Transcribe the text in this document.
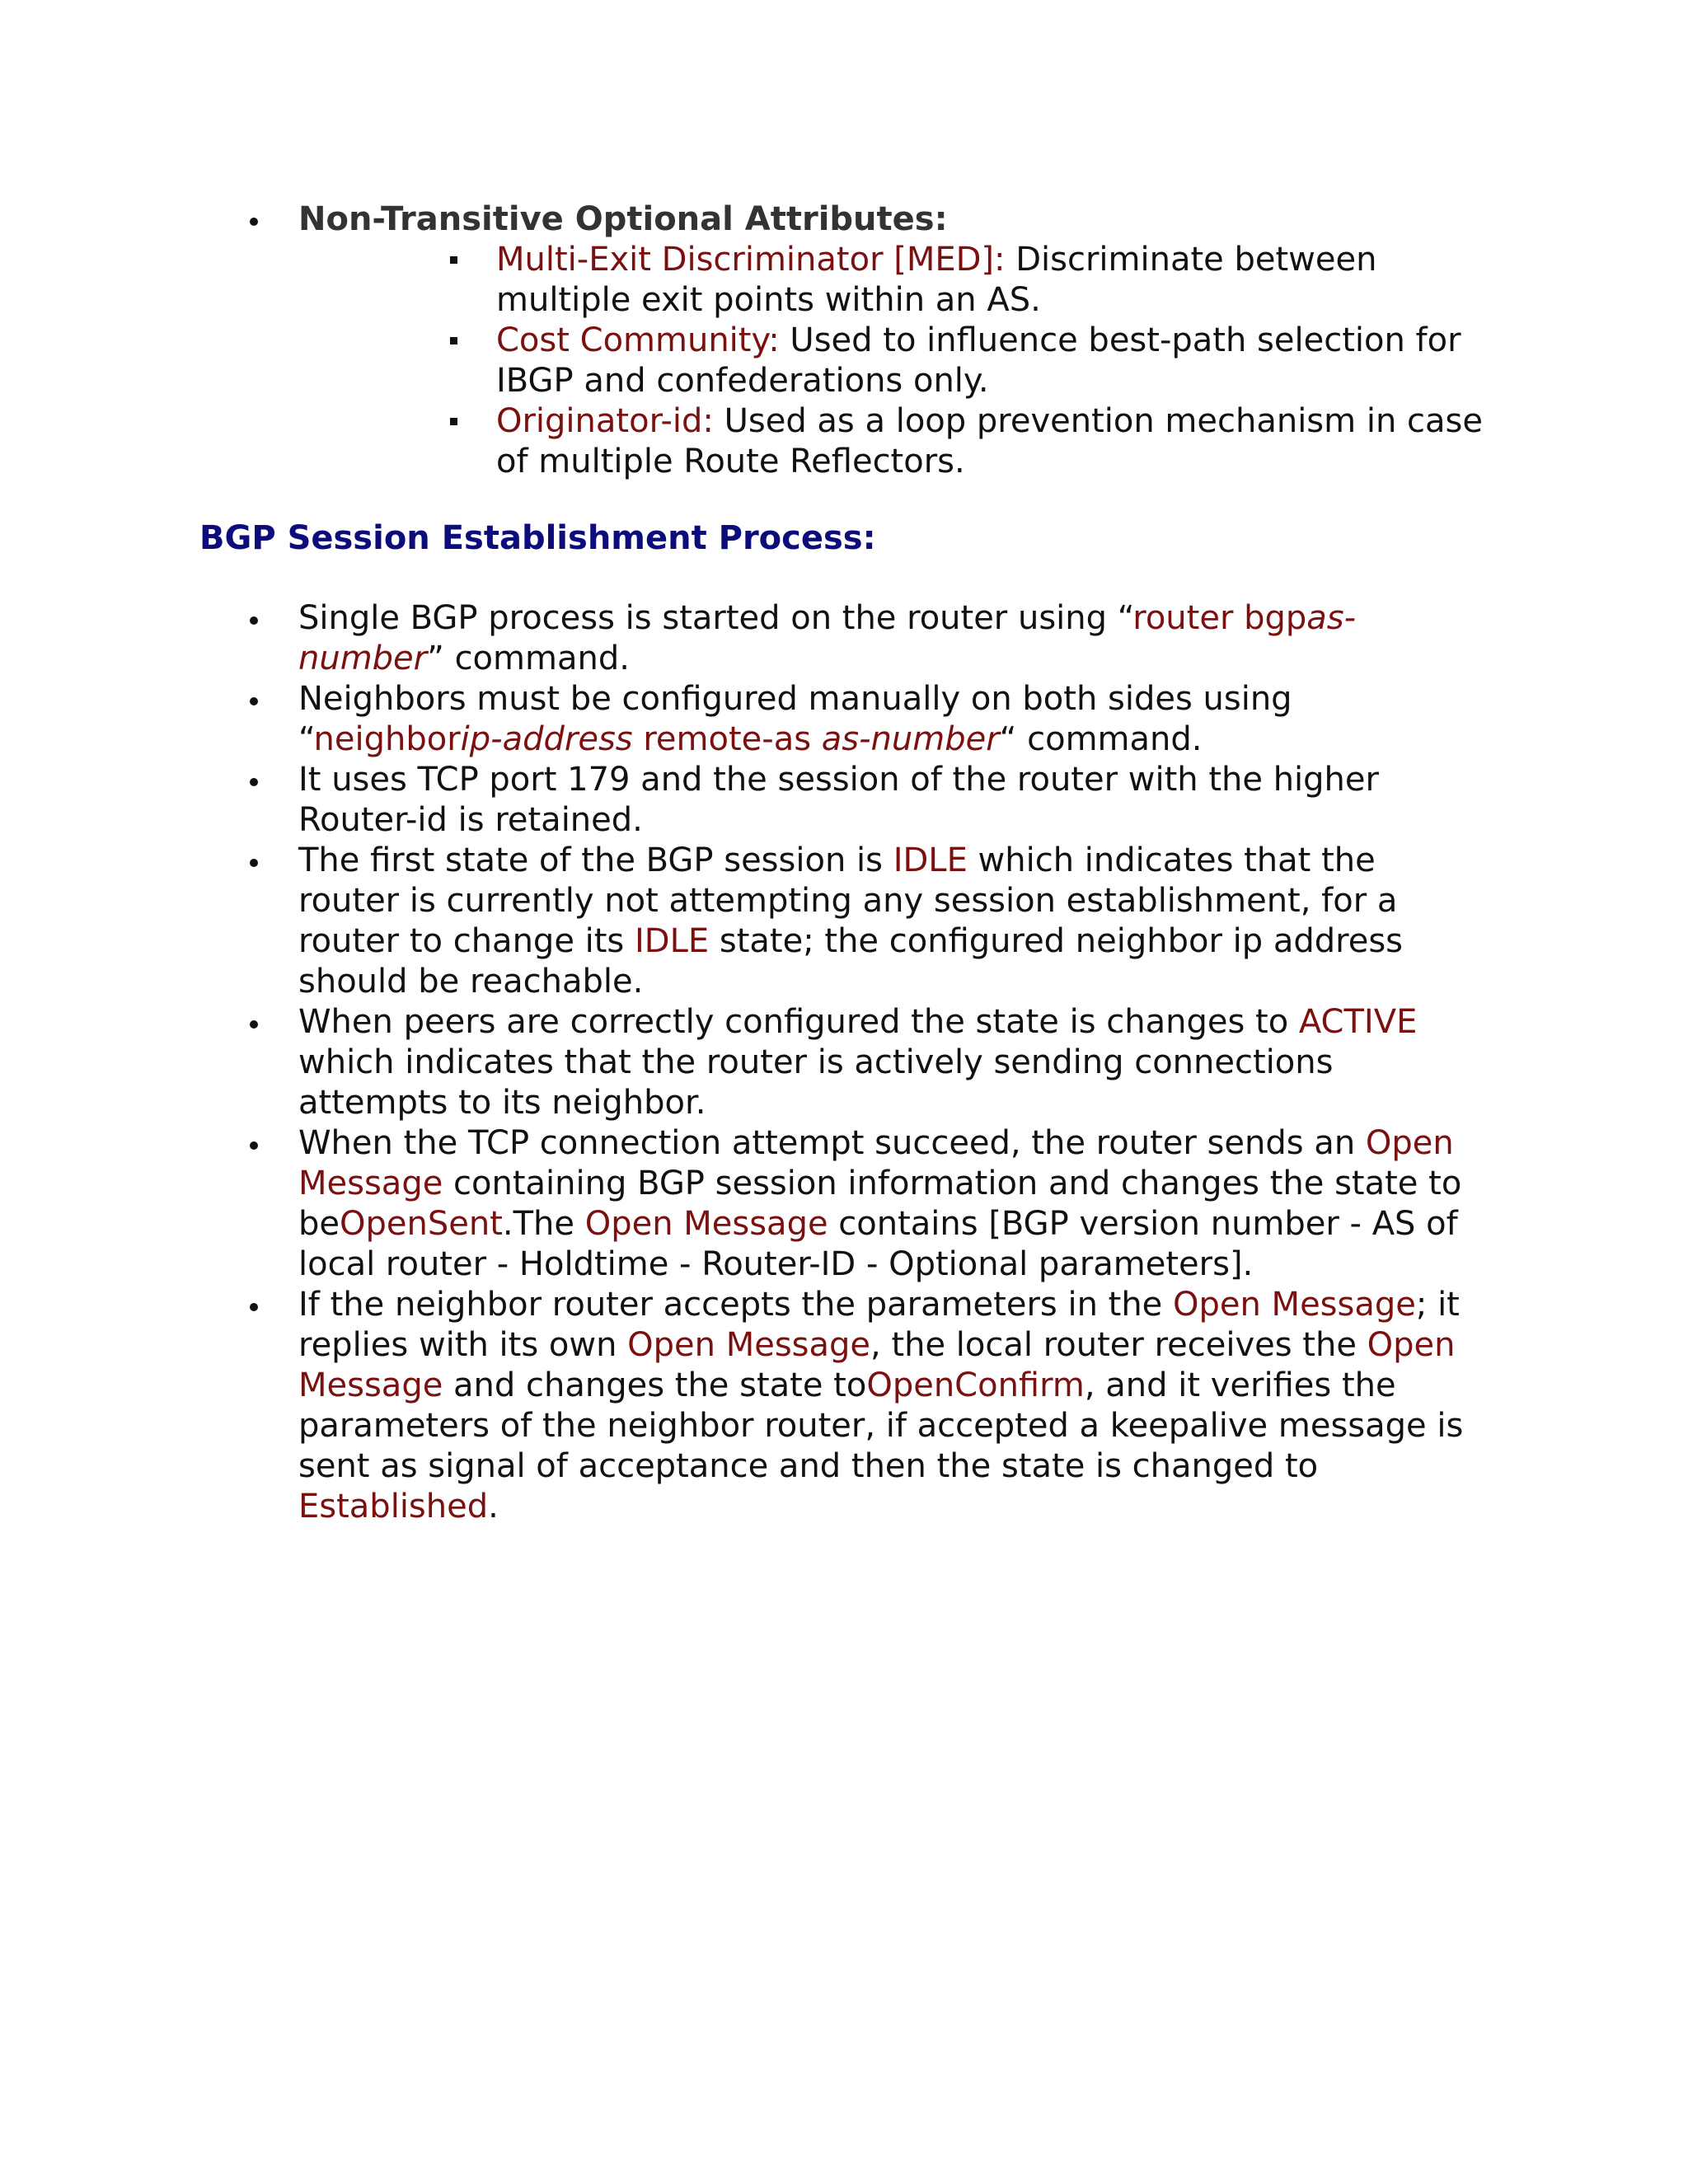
Non-Transitive Optional Attributes:
Multi-Exit Discriminator [MED]: Discriminate between multiple exit points within an AS.
Cost Community: Used to influence best-path selection for IBGP and confederations only.
Originator-id: Used as a loop prevention mechanism in case of multiple Route Reflectors.
BGP Session Establishment Process:
Single BGP process is started on the router using “router bgpas-number” command.
Neighbors must be configured manually on both sides using “neighborip-address remote-as as-number“ command.
It uses TCP port 179 and the session of the router with the higher Router-id is retained.
The first state of the BGP session is IDLE which indicates that the router is currently not attempting any session establishment, for a router to change its IDLE state; the configured neighbor ip address should be reachable.
When peers are correctly configured the state is changes to ACTIVE which indicates that the router is actively sending connections attempts to its neighbor.
When the TCP connection attempt succeed, the router sends an Open Message containing BGP session information and changes the state to beOpenSent.The Open Message contains [BGP version number - AS of local router - Holdtime - Router-ID - Optional parameters].
If the neighbor router accepts the parameters in the Open Message; it replies with its own Open Message, the local router receives the Open Message and changes the state toOpenConfirm, and it verifies the parameters of the neighbor router, if accepted a keepalive message is sent as signal of acceptance and then the state is changed to Established.
